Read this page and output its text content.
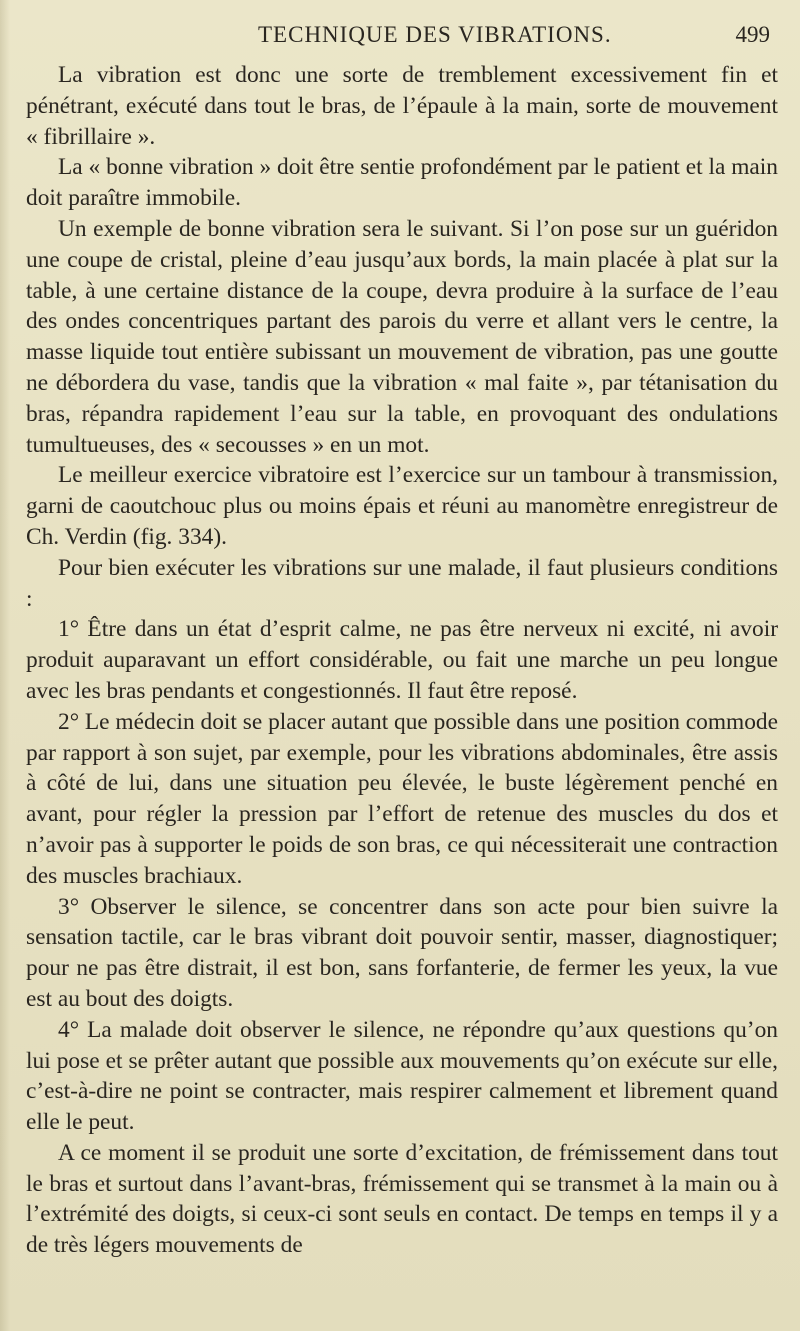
TECHNIQUE DES VIBRATIONS.	499

La vibration est donc une sorte de tremblement excessivement fin et pénétrant, exécuté dans tout le bras, de l’épaule à la main, sorte de mouvement « fibrillaire ».

La « bonne vibration » doit être sentie profondément par le patient et la main doit paraître immobile.

Un exemple de bonne vibration sera le suivant. Si l’on pose sur un guéridon une coupe de cristal, pleine d’eau jusqu’aux bords, la main placée à plat sur la table, à une certaine distance de la coupe, devra produire à la surface de l’eau des ondes concentriques partant des parois du verre et allant vers le centre, la masse liquide tout entière subissant un mouvement de vibration, pas une goutte ne débordera du vase, tandis que la vibration « mal faite », par tétanisation du bras, répandra rapidement l’eau sur la table, en provoquant des ondulations tumultueuses, des « secousses » en un mot.

Le meilleur exercice vibratoire est l’exercice sur un tambour à transmission, garni de caoutchouc plus ou moins épais et réuni au manomètre enregistreur de Ch. Verdin (fig. 334).

Pour bien exécuter les vibrations sur une malade, il faut plusieurs conditions :

1° Être dans un état d’esprit calme, ne pas être nerveux ni excité, ni avoir produit auparavant un effort considérable, ou fait une marche un peu longue avec les bras pendants et congestionnés. Il faut être reposé.

2° Le médecin doit se placer autant que possible dans une position commode par rapport à son sujet, par exemple, pour les vibrations abdominales, être assis à côté de lui, dans une situation peu élevée, le buste légèrement penché en avant, pour régler la pression par l’effort de retenue des muscles du dos et n’avoir pas à supporter le poids de son bras, ce qui nécessiterait une contraction des muscles brachiaux.

3° Observer le silence, se concentrer dans son acte pour bien suivre la sensation tactile, car le bras vibrant doit pouvoir sentir, masser, diagnostiquer; pour ne pas être distrait, il est bon, sans forfanterie, de fermer les yeux, la vue est au bout des doigts.

4° La malade doit observer le silence, ne répondre qu’aux questions qu’on lui pose et se prêter autant que possible aux mouvements qu’on exécute sur elle, c’est-à-dire ne point se contracter, mais respirer calmement et librement quand elle le peut.

A ce moment il se produit une sorte d’excitation, de frémissement dans tout le bras et surtout dans l’avant-bras, frémissement qui se transmet à la main ou à l’extrémité des doigts, si ceux-ci sont seuls en contact. De temps en temps il y a de très légers mouvements de
